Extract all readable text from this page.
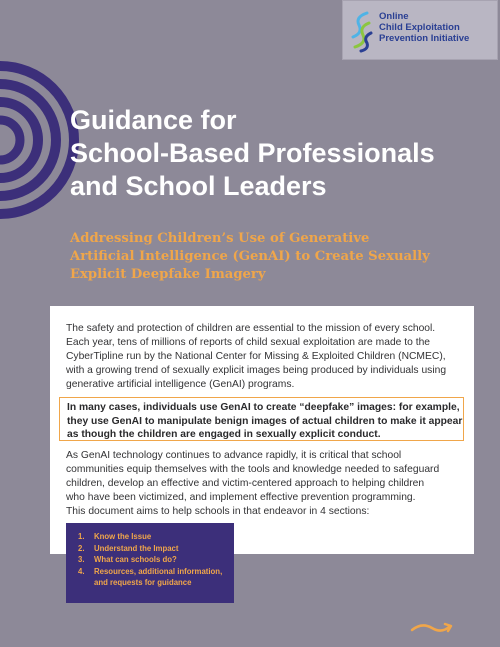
Online
Child Exploitation
Prevention Initiative
Guidance for
School-Based Professionals
and School Leaders
Addressing Children’s Use of Generative
Artificial Intelligence (GenAI) to Create Sexually
Explicit Deepfake Imagery
The safety and protection of children are essential to the mission of every school.
Each year, tens of millions of reports of child sexual exploitation are made to the
CyberTipline run by the National Center for Missing & Exploited Children (NCMEC),
with a growing trend of sexually explicit images being produced by individuals using
generative artificial intelligence (GenAI) programs.
In many cases, individuals use GenAI to create “deepfake” images: for example,
they use GenAI to manipulate benign images of actual children to make it appear
as though the children are engaged in sexually explicit conduct.
As GenAI technology continues to advance rapidly, it is critical that school
communities equip themselves with the tools and knowledge needed to safeguard
children, develop an effective and victim-centered approach to helping children
who have been victimized, and implement effective prevention programming.
This document aims to help schools in that endeavor in 4 sections:
1. Know the Issue
2. Understand the Impact
3. What can schools do?
4. Resources, additional information,
and requests for guidance
